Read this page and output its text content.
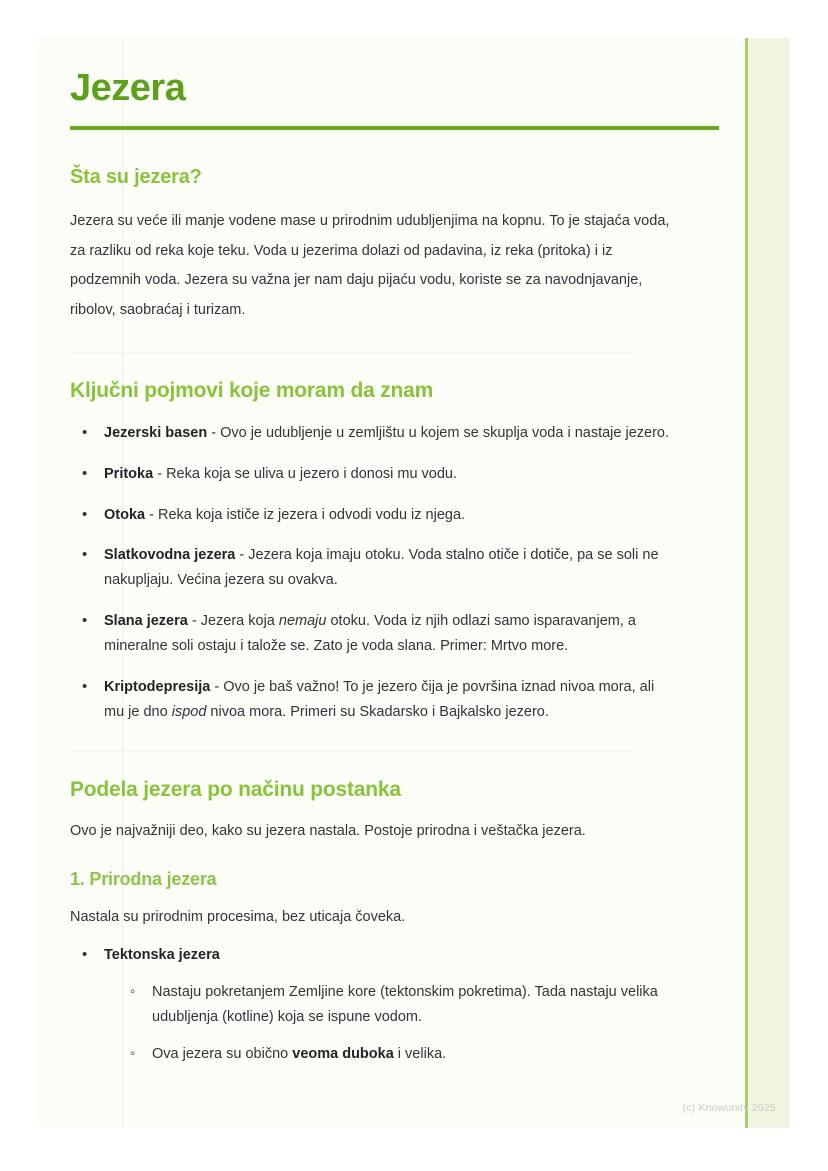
Jezera
Šta su jezera?

Jezera su veće ili manje vodene mase u prirodnim udubljenjima na kopnu. To je stajaća voda, za razliku od reka koje teku. Voda u jezerima dolazi od padavina, iz reka (pritoka) i iz podzemnih voda. Jezera su važna jer nam daju pijaću vodu, koriste se za navodnjavanje, ribolov, saobraćaj i turizam.

Ključni pojmovi koje moram da znam
• Jezerski basen - Ovo je udubljenje u zemljištu u kojem se skuplja voda i nastaje jezero.
• Pritoka - Reka koja se uliva u jezero i donosi mu vodu.
• Otoka - Reka koja ističe iz jezera i odvodi vodu iz njega.
• Slatkovodna jezera - Jezera koja imaju otoku. Voda stalno otiče i dotiče, pa se soli ne nakupljaju. Većina jezera su ovakva.
• Slana jezera - Jezera koja nemaju otoku. Voda iz njih odlazi samo isparavanjem, a mineralne soli ostaju i talože se. Zato je voda slana. Primer: Mrtvo more.
• Kriptodepresija - Ovo je baš važno! To je jezero čija je površina iznad nivoa mora, ali mu je dno ispod nivoa mora. Primeri su Skadarsko i Bajkalsko jezero.
Podela jezera po načinu postanka

Ovo je najvažniji deo, kako su jezera nastala. Postoje prirodna i veštačka jezera.

1. Prirodna jezera

Nastala su prirodnim procesima, bez uticaja čoveka.

• Tektonska jezera
◦ Nastaju pokretanjem Zemljine kore (tektonskim pokretima). Tada nastaju velika udubljenja (kotline) koja se ispune vodom.
◦ Ova jezera su obično veoma duboka i velika.
(c) Knowunity 2025
